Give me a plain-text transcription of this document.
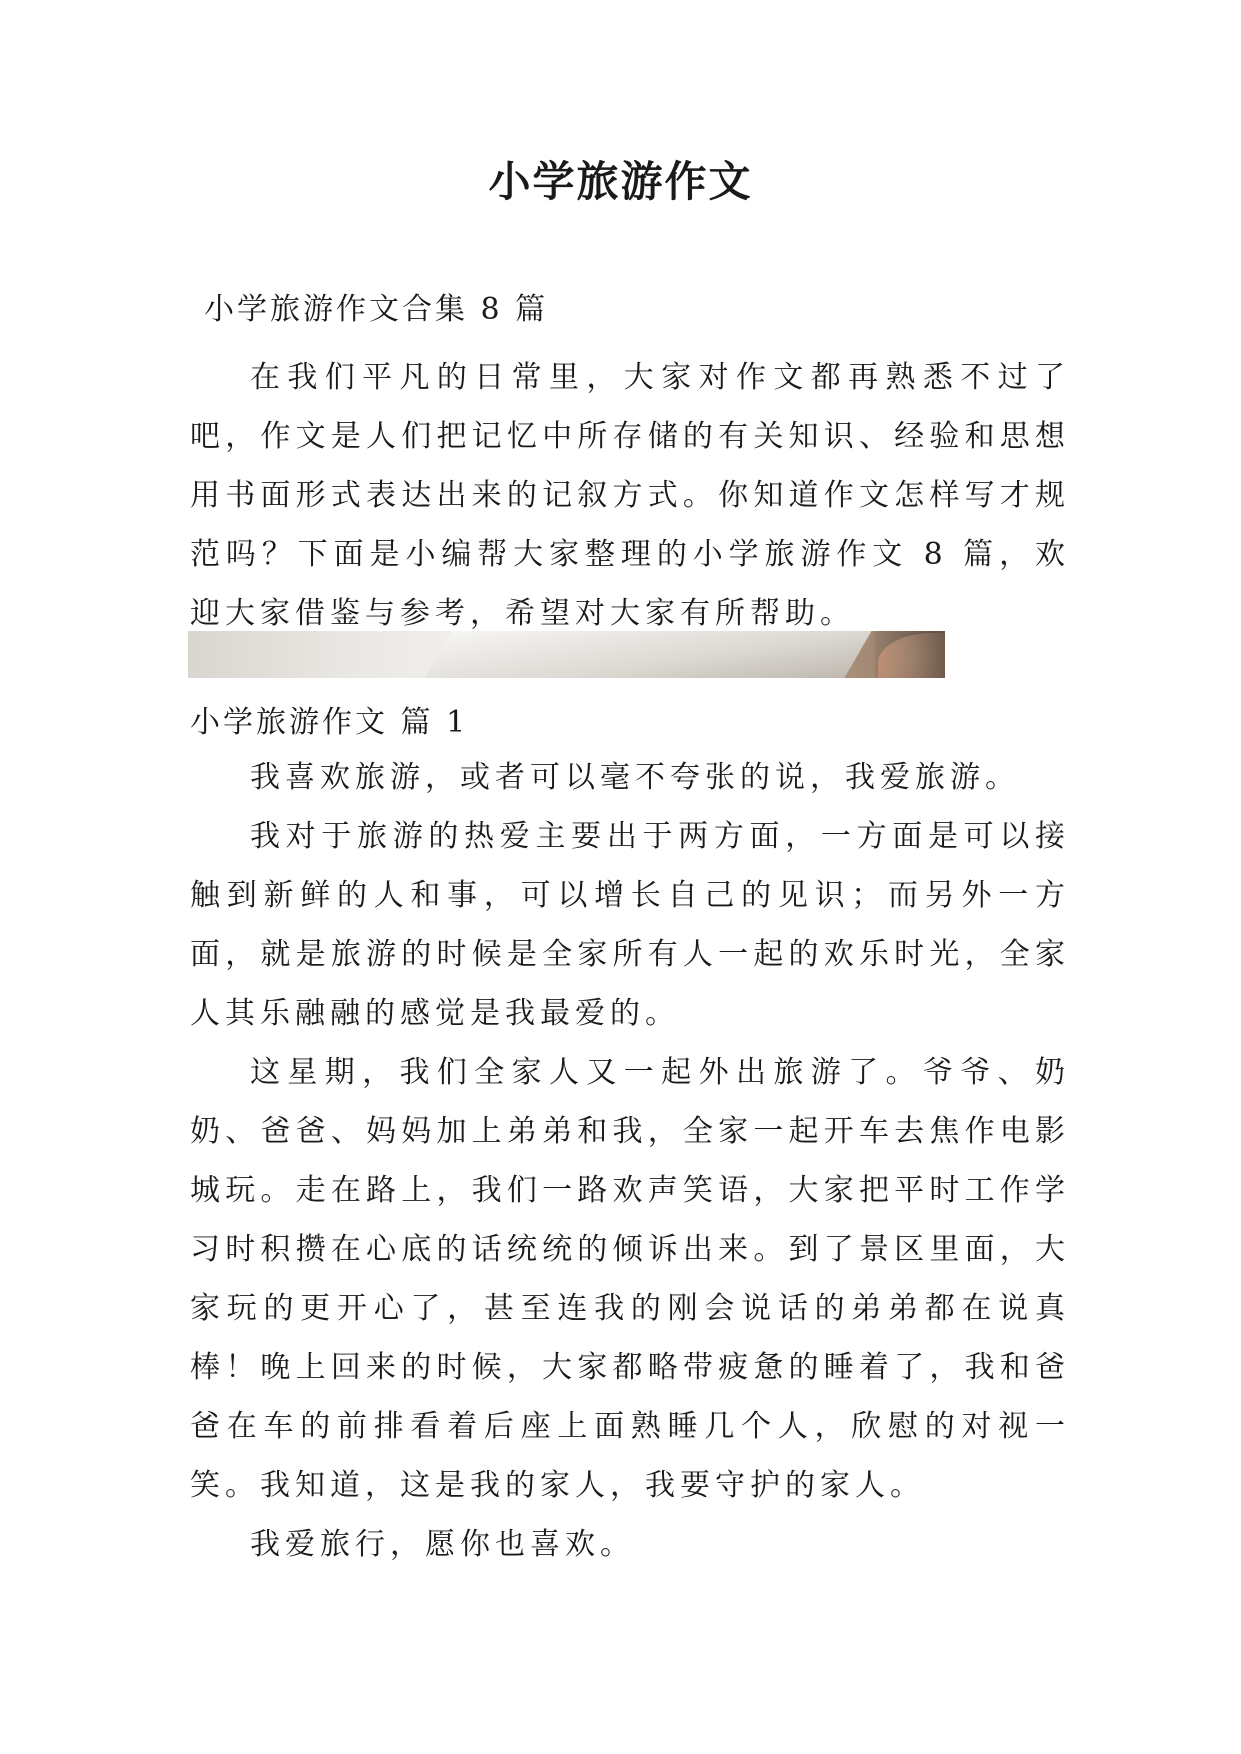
小学旅游作文
小学旅游作文合集 8 篇

在我们平凡的日常里，大家对作文都再熟悉不过了吧，作文是人们把记忆中所存储的有关知识、经验和思想用书面形式表达出来的记叙方式。你知道作文怎样写才规范吗？下面是小编帮大家整理的小学旅游作文 8 篇，欢迎大家借鉴与参考，希望对大家有所帮助。

小学旅游作文 篇 1

我喜欢旅游，或者可以毫不夸张的说，我爱旅游。

我对于旅游的热爱主要出于两方面，一方面是可以接触到新鲜的人和事，可以增长自己的见识；而另外一方面，就是旅游的时候是全家所有人一起的欢乐时光，全家人其乐融融的感觉是我最爱的。

这星期，我们全家人又一起外出旅游了。爷爷、奶奶、爸爸、妈妈加上弟弟和我，全家一起开车去焦作电影城玩。走在路上，我们一路欢声笑语，大家把平时工作学习时积攒在心底的话统统的倾诉出来。到了景区里面，大家玩的更开心了，甚至连我的刚会说话的弟弟都在说真棒！晚上回来的时候，大家都略带疲惫的睡着了，我和爸爸在车的前排看着后座上面熟睡几个人，欣慰的对视一笑。我知道，这是我的家人，我要守护的家人。

我爱旅行，愿你也喜欢。
